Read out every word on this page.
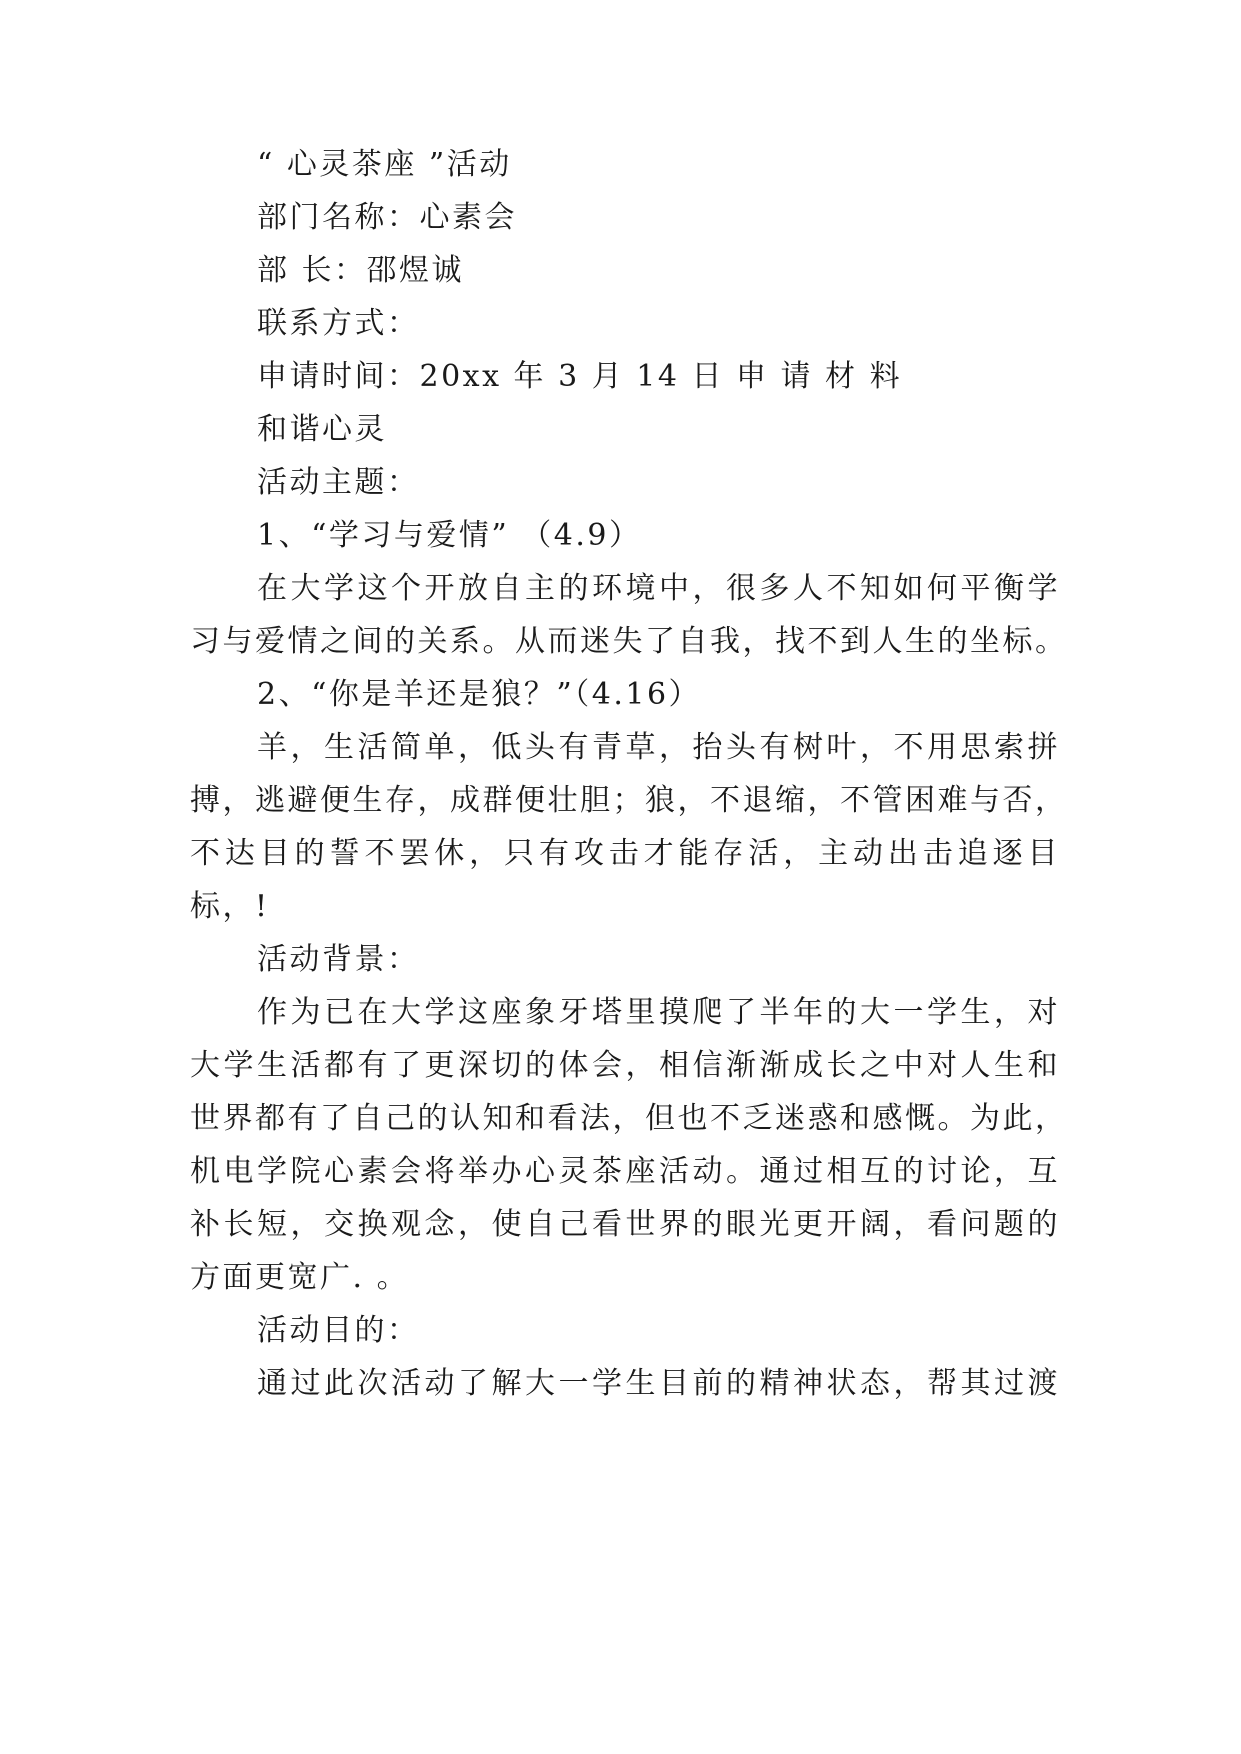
“ 心灵茶座 ”活动

部门名称：心素会

部 长：邵煜诚

联系方式：

申请时间：20xx 年 3 月 14 日 申 请 材 料

和谐心灵

活动主题：

1、“学习与爱情” （4.9）

在大学这个开放自主的环境中，很多人不知如何平衡学

习与爱情之间的关系。从而迷失了自我，找不到人生的坐标。

2、“你是羊还是狼？”（4.16）

羊，生活简单，低头有青草，抬头有树叶，不用思索拼

搏，逃避便生存，成群便壮胆；狼，不退缩，不管困难与否，

不达目的誓不罢休，只有攻击才能存活，主动出击追逐目

标，!

活动背景：

作为已在大学这座象牙塔里摸爬了半年的大一学生，对

大学生活都有了更深切的体会，相信渐渐成长之中对人生和

世界都有了自己的认知和看法，但也不乏迷惑和感慨。为此，

机电学院心素会将举办心灵茶座活动。通过相互的讨论，互

补长短，交换观念，使自己看世界的眼光更开阔，看问题的

方面更宽广. 。

活动目的：

通过此次活动了解大一学生目前的精神状态，帮其过渡
